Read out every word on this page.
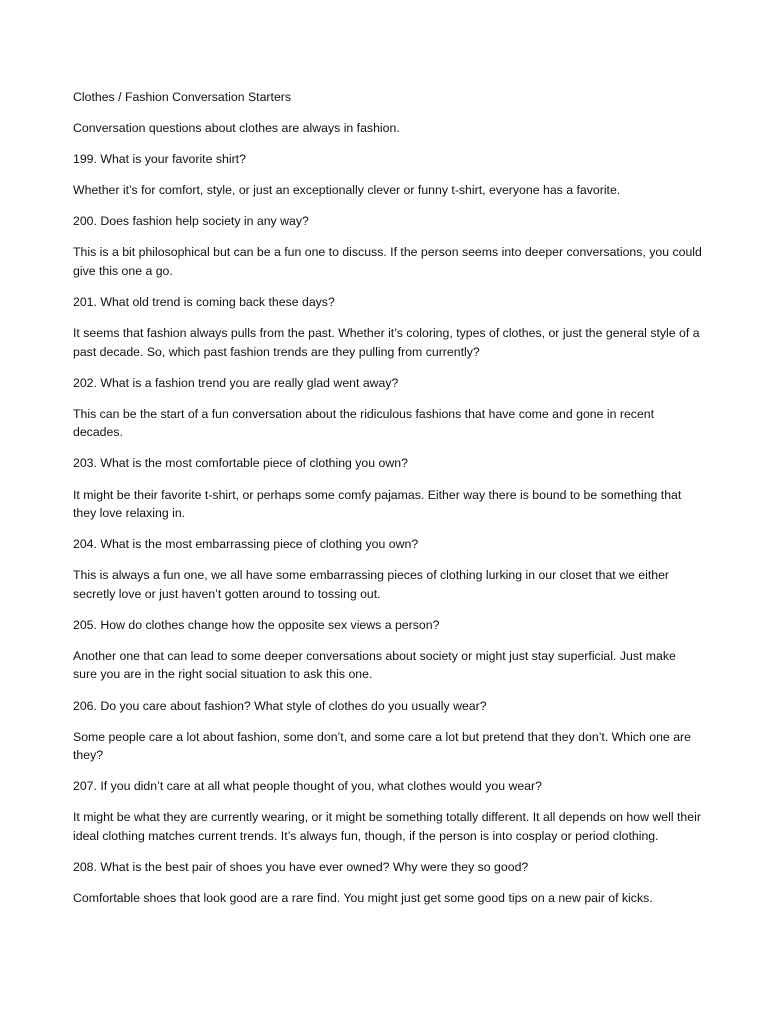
Clothes / Fashion Conversation Starters

Conversation questions about clothes are always in fashion.

199. What is your favorite shirt?

Whether it’s for comfort, style, or just an exceptionally clever or funny t-shirt, everyone has a favorite.

200. Does fashion help society in any way?

This is a bit philosophical but can be a fun one to discuss. If the person seems into deeper conversations, you could give this one a go.

201. What old trend is coming back these days?

It seems that fashion always pulls from the past. Whether it’s coloring, types of clothes, or just the general style of a past decade. So, which past fashion trends are they pulling from currently?

202. What is a fashion trend you are really glad went away?

This can be the start of a fun conversation about the ridiculous fashions that have come and gone in recent decades.

203. What is the most comfortable piece of clothing you own?

It might be their favorite t-shirt, or perhaps some comfy pajamas. Either way there is bound to be something that they love relaxing in.

204. What is the most embarrassing piece of clothing you own?

This is always a fun one, we all have some embarrassing pieces of clothing lurking in our closet that we either secretly love or just haven’t gotten around to tossing out.

205. How do clothes change how the opposite sex views a person?

Another one that can lead to some deeper conversations about society or might just stay superficial. Just make sure you are in the right social situation to ask this one.

206. Do you care about fashion? What style of clothes do you usually wear?

Some people care a lot about fashion, some don’t, and some care a lot but pretend that they don’t. Which one are they?

207. If you didn’t care at all what people thought of you, what clothes would you wear?

It might be what they are currently wearing, or it might be something totally different. It all depends on how well their ideal clothing matches current trends. It’s always fun, though, if the person is into cosplay or period clothing.

208. What is the best pair of shoes you have ever owned? Why were they so good?

Comfortable shoes that look good are a rare find. You might just get some good tips on a new pair of kicks.
